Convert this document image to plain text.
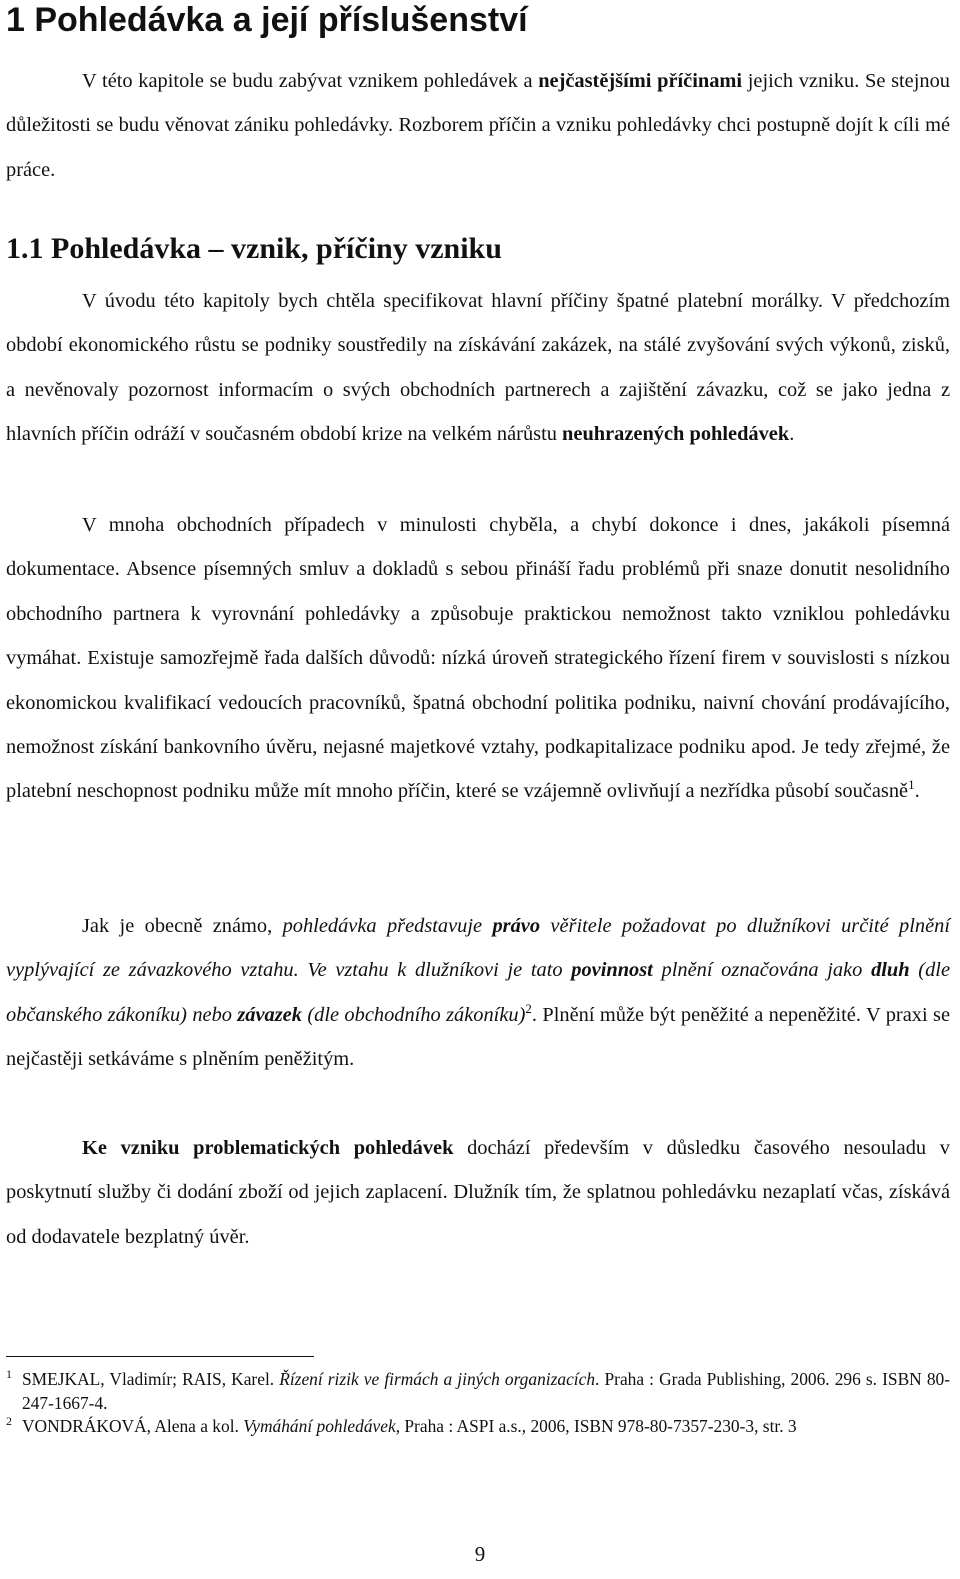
1 Pohledávka a její příslušenství

V této kapitole se budu zabývat vznikem pohledávek a nejčastějšími příčinami jejich vzniku. Se stejnou důležitosti se budu věnovat zániku pohledávky. Rozborem příčin a vzniku pohledávky chci postupně dojít k cíli mé práce.

1.1 Pohledávka – vznik, příčiny vzniku

V úvodu této kapitoly bych chtěla specifikovat hlavní příčiny špatné platební morálky. V předchozím období ekonomického růstu se podniky soustředily na získávání zakázek, na stálé zvyšování svých výkonů, zisků, a nevěnovaly pozornost informacím o svých obchodních partnerech a zajištění závazku, což se jako jedna z hlavních příčin odráží v současném období krize na velkém nárůstu neuhrazených pohledávek.

V mnoha obchodních případech v minulosti chyběla, a chybí dokonce i dnes, jakákoli písemná dokumentace. Absence písemných smluv a dokladů s sebou přináší řadu problémů při snaze donutit nesolidního obchodního partnera k vyrovnání pohledávky a způsobuje praktickou nemožnost takto vzniklou pohledávku vymáhat. Existuje samozřejmě řada dalších důvodů: nízká úroveň strategického řízení firem v souvislosti s nízkou ekonomickou kvalifikací vedoucích pracovníků, špatná obchodní politika podniku, naivní chování prodávajícího, nemožnost získání bankovního úvěru, nejasné majetkové vztahy, podkapitalizace podniku apod. Je tedy zřejmé, že platební neschopnost podniku může mít mnoho příčin, které se vzájemně ovlivňují a nezřídka působí současně$^1$.

Jak je obecně známo, pohledávka představuje právo věřitele požadovat po dlužníkovi určité plnění vyplývající ze závazkového vztahu. Ve vztahu k dlužníkovi je tato povinnost plnění označována jako dluh (dle občanského zákoníku) nebo závazek (dle obchodního zákoníku)$^2$. Plnění může být peněžité a nepeněžité. V praxi se nejčastěji setkáváme s plněním peněžitým.

Ke vzniku problematických pohledávek dochází především v důsledku časového nesouladu v poskytnutí služby či dodání zboží od jejich zaplacení. Dlužník tím, že splatnou pohledávku nezaplatí včas, získává od dodavatele bezplatný úvěr.

1 SMEJKAL, Vladimír; RAIS, Karel. Řízení rizik ve firmách a jiných organizacích. Praha : Grada Publishing, 2006. 296 s. ISBN 80-247-1667-4.

2 VONDRÁKOVÁ, Alena a kol. Vymáhání pohledávek, Praha : ASPI a.s., 2006, ISBN 978-80-7357-230-3, str. 3

9
